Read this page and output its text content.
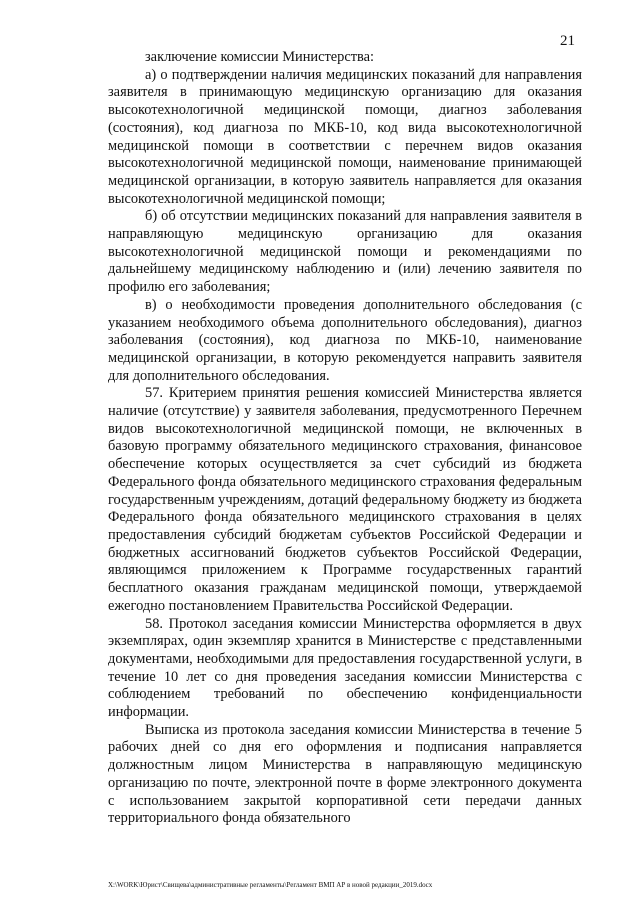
21

заключение комиссии Министерства:

а) о подтверждении наличия медицинских показаний для направления заявителя в принимающую медицинскую организацию для оказания высокотехнологичной медицинской помощи, диагноз заболевания (состояния), код диагноза по МКБ-10, код вида высокотехнологичной медицинской помощи в соответствии с перечнем видов оказания высокотехнологичной медицинской помощи, наименование принимающей медицинской организации, в которую заявитель направляется для оказания высокотехнологичной медицинской помощи;

б) об отсутствии медицинских показаний для направления заявителя в направляющую медицинскую организацию для оказания высокотехнологичной медицинской помощи и рекомендациями по дальнейшему медицинскому наблюдению и (или) лечению заявителя по профилю его заболевания;

в) о необходимости проведения дополнительного обследования (с указанием необходимого объема дополнительного обследования), диагноз заболевания (состояния), код диагноза по МКБ-10, наименование медицинской организации, в которую рекомендуется направить заявителя для дополнительного обследования.

57. Критерием принятия решения комиссией Министерства является наличие (отсутствие) у заявителя заболевания, предусмотренного Перечнем видов высокотехнологичной медицинской помощи, не включенных в базовую программу обязательного медицинского страхования, финансовое обеспечение которых осуществляется за счет субсидий из бюджета Федерального фонда обязательного медицинского страхования федеральным государственным учреждениям, дотаций федеральному бюджету из бюджета Федерального фонда обязательного медицинского страхования в целях предоставления субсидий бюджетам субъектов Российской Федерации и бюджетных ассигнований бюджетов субъектов Российской Федерации, являющимся приложением к Программе государственных гарантий бесплатного оказания гражданам медицинской помощи, утверждаемой ежегодно постановлением Правительства Российской Федерации.

58. Протокол заседания комиссии Министерства оформляется в двух экземплярах, один экземпляр хранится в Министерстве с представленными документами, необходимыми для предоставления государственной услуги, в течение 10 лет со дня проведения заседания комиссии Министерства с соблюдением требований по обеспечению конфиденциальности информации.

Выписка из протокола заседания комиссии Министерства в течение 5 рабочих дней со дня его оформления и подписания направляется должностным лицом Министерства в направляющую медицинскую организацию по почте, электронной почте в форме электронного документа с использованием закрытой корпоративной сети передачи данных территориального фонда обязательного

X:\WORK\Юрист\Свищева\административные регламенты\Регламент ВМП АР в новой редакции_2019.docx
